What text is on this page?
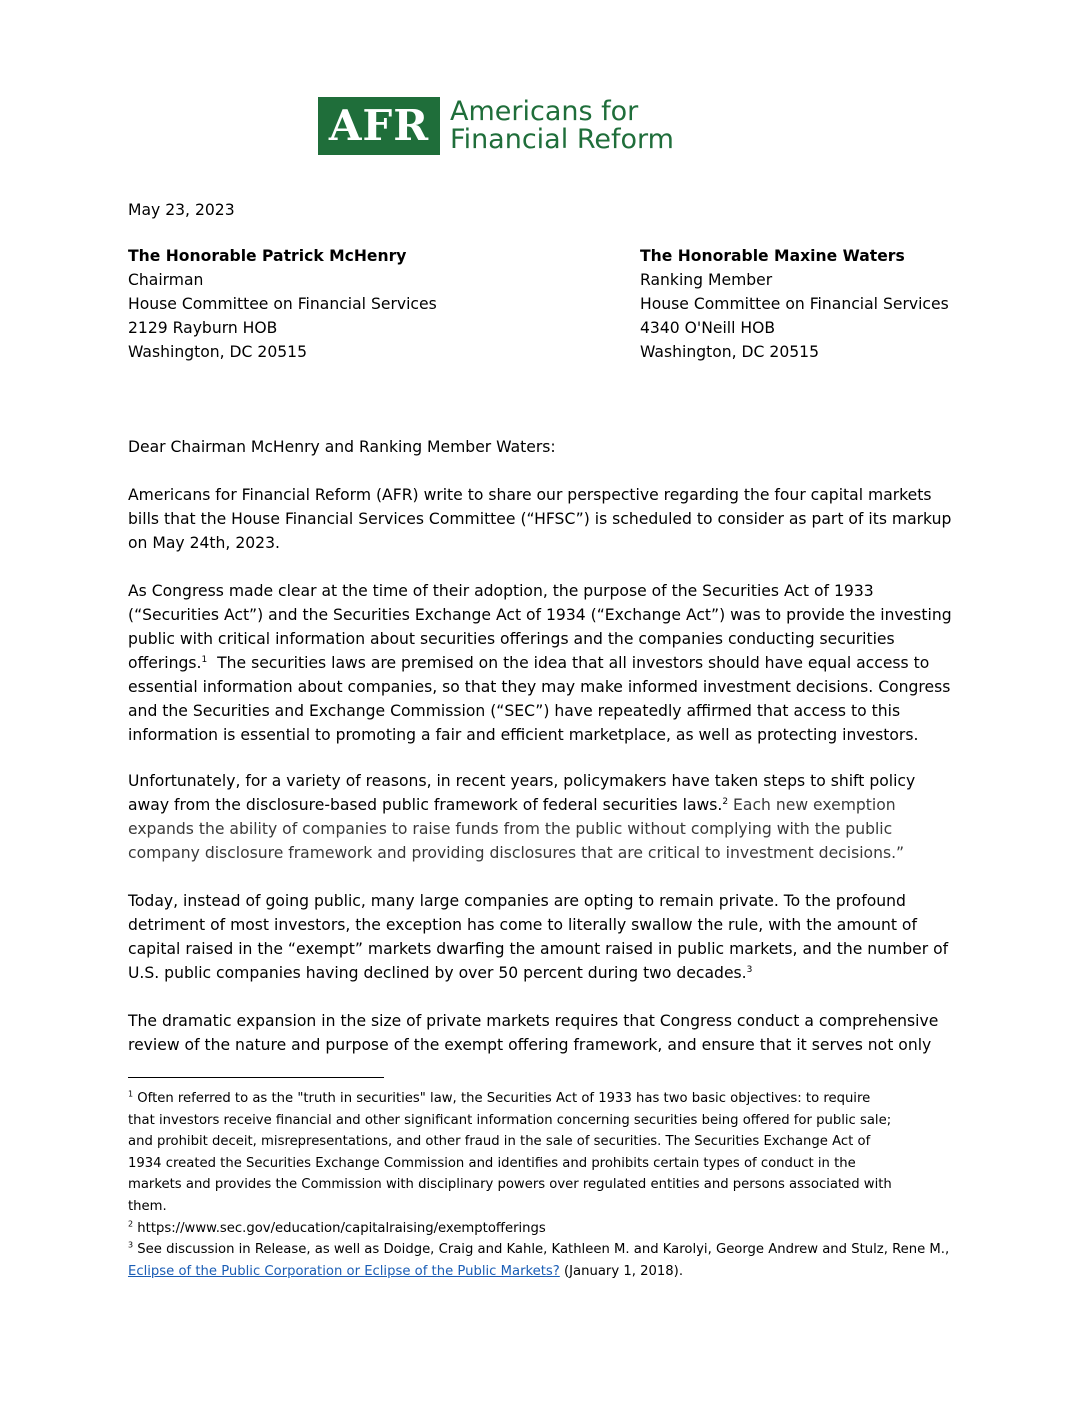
AFR Americans for
Financial Reform
May 23, 2023
The Honorable Patrick McHenry
Chairman
House Committee on Financial Services
2129 Rayburn HOB
Washington, DC 20515
The Honorable Maxine Waters
Ranking Member
House Committee on Financial Services
4340 O'Neill HOB
Washington, DC 20515
Dear Chairman McHenry and Ranking Member Waters:
Americans for Financial Reform (AFR) write to share our perspective regarding the four capital markets
bills that the House Financial Services Committee (“HFSC”) is scheduled to consider as part of its markup
on May 24th, 2023.
As Congress made clear at the time of their adoption, the purpose of the Securities Act of 1933
(“Securities Act”) and the Securities Exchange Act of 1934 (“Exchange Act”) was to provide the investing
public with critical information about securities offerings and the companies conducting securities
offerings.$^1$  The securities laws are premised on the idea that all investors should have equal access to
essential information about companies, so that they may make informed investment decisions. Congress
and the Securities and Exchange Commission (“SEC”) have repeatedly affirmed that access to this
information is essential to promoting a fair and efficient marketplace, as well as protecting investors.
Unfortunately, for a variety of reasons, in recent years, policymakers have taken steps to shift policy
away from the disclosure-based public framework of federal securities laws.$^2$ Each new exemption
expands the ability of companies to raise funds from the public without complying with the public
company disclosure framework and providing disclosures that are critical to investment decisions.”
Today, instead of going public, many large companies are opting to remain private. To the profound
detriment of most investors, the exception has come to literally swallow the rule, with the amount of
capital raised in the “exempt” markets dwarfing the amount raised in public markets, and the number of
U.S. public companies having declined by over 50 percent during two decades.$^3$
The dramatic expansion in the size of private markets requires that Congress conduct a comprehensive
review of the nature and purpose of the exempt offering framework, and ensure that it serves not only
$^1$ Often referred to as the "truth in securities" law, the Securities Act of 1933 has two basic objectives: to require
that investors receive financial and other significant information concerning securities being offered for public sale;
and prohibit deceit, misrepresentations, and other fraud in the sale of securities. The Securities Exchange Act of
1934 created the Securities Exchange Commission and identifies and prohibits certain types of conduct in the
markets and provides the Commission with disciplinary powers over regulated entities and persons associated with
them.
$^2$ https://www.sec.gov/education/capitalraising/exemptofferings
$^3$ See discussion in Release, as well as Doidge, Craig and Kahle, Kathleen M. and Karolyi, George Andrew and Stulz, Rene M.,
Eclipse of the Public Corporation or Eclipse of the Public Markets? (January 1, 2018).
